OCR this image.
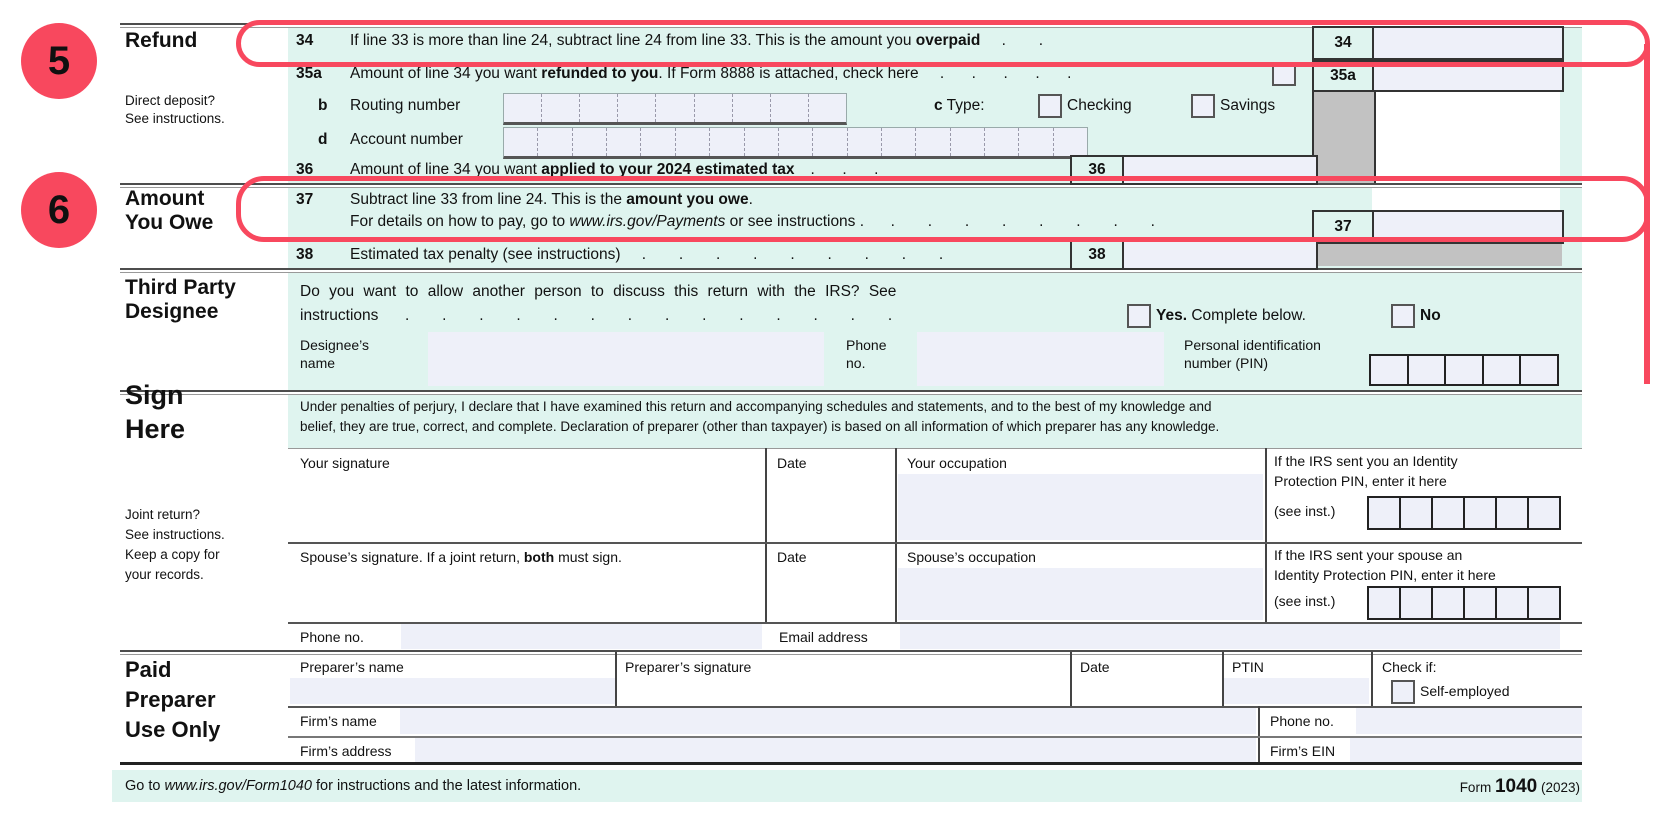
Refund
Direct deposit?
See instructions.
Amount
You Owe
Third Party
Designee
Sign
Here
Joint return?
See instructions.
Keep a copy for
your records.
Paid
Preparer
Use Only
34 If line 33 is more than line 24, subtract line 24 from line 33. This is the amount you overpaid    .      .	34
35a Amount of line 34 you want refunded to you. If Form 8888 is attached, check here    .     .     .     .     .	35a
b Routing number	c Type:	Checking	Savings
d Account number
36 Amount of line 34 you want applied to your 2024 estimated tax   .     .     .	36
37 Subtract line 33 from line 24. This is the amount you owe.
For details on how to pay, go to www.irs.gov/Payments or see instructions .     .      .      .      .      .      .      .      .	37
38 Estimated tax penalty (see instructions)    .      .      .      .      .      .      .      .      .	38
Do you want to allow another person to discuss this return with the IRS? See
instructions     .      .      .      .      .      .      .      .      .      .      .      .      .      .	Yes. Complete below.	No
Designee’s
name
Phone
no.
Personal identification
number (PIN)
Under penalties of perjury, I declare that I have examined this return and accompanying schedules and statements, and to the best of my knowledge and
belief, they are true, correct, and complete. Declaration of preparer (other than taxpayer) is based on all information of which preparer has any knowledge.
Your signature	Date	Your occupation	If the IRS sent you an Identity
Protection PIN, enter it here
(see inst.)
Spouse’s signature. If a joint return, both must sign.	Date	Spouse’s occupation	If the IRS sent your spouse an
Identity Protection PIN, enter it here
(see inst.)
Phone no.	Email address
Preparer’s name	Preparer’s signature	Date	PTIN	Check if:
Self-employed
Firm’s name	Phone no.
Firm’s address	Firm’s EIN
Go to www.irs.gov/Form1040 for instructions and the latest information.	Form 1040 (2023)
5
6
